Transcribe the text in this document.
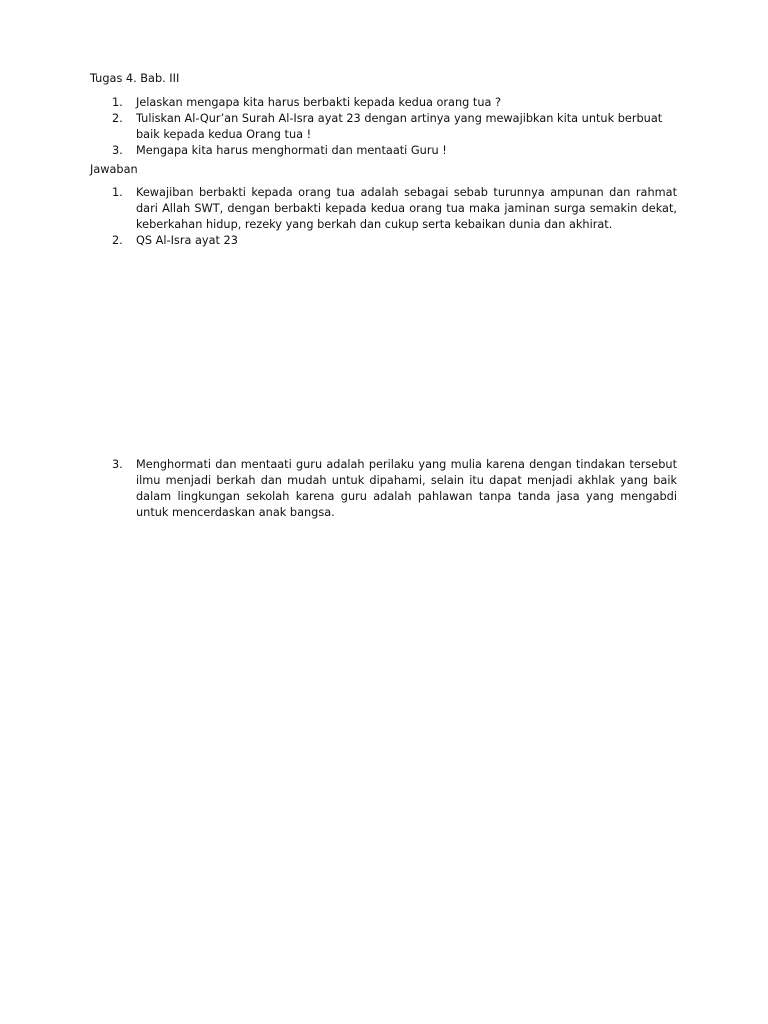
Tugas 4. Bab. III
1. Jelaskan mengapa kita harus berbakti kepada kedua orang tua ?
2. Tuliskan Al-Qur’an Surah Al-Isra ayat 23 dengan artinya yang mewajibkan kita untuk berbuat baik kepada kedua Orang tua !
3. Mengapa kita harus menghormati dan mentaati Guru !
Jawaban
1. Kewajiban berbakti kepada orang tua adalah sebagai sebab turunnya ampunan dan rahmat dari Allah SWT, dengan berbakti kepada kedua orang tua maka jaminan surga semakin dekat, keberkahan hidup, rezeky yang berkah dan cukup serta kebaikan dunia dan akhirat.
2. QS Al-Isra ayat 23
3. Menghormati dan mentaati guru adalah perilaku yang mulia karena dengan tindakan tersebut ilmu menjadi berkah dan mudah untuk dipahami, selain itu dapat menjadi akhlak yang baik dalam lingkungan sekolah karena guru adalah pahlawan tanpa tanda jasa yang mengabdi untuk mencerdaskan anak bangsa.
